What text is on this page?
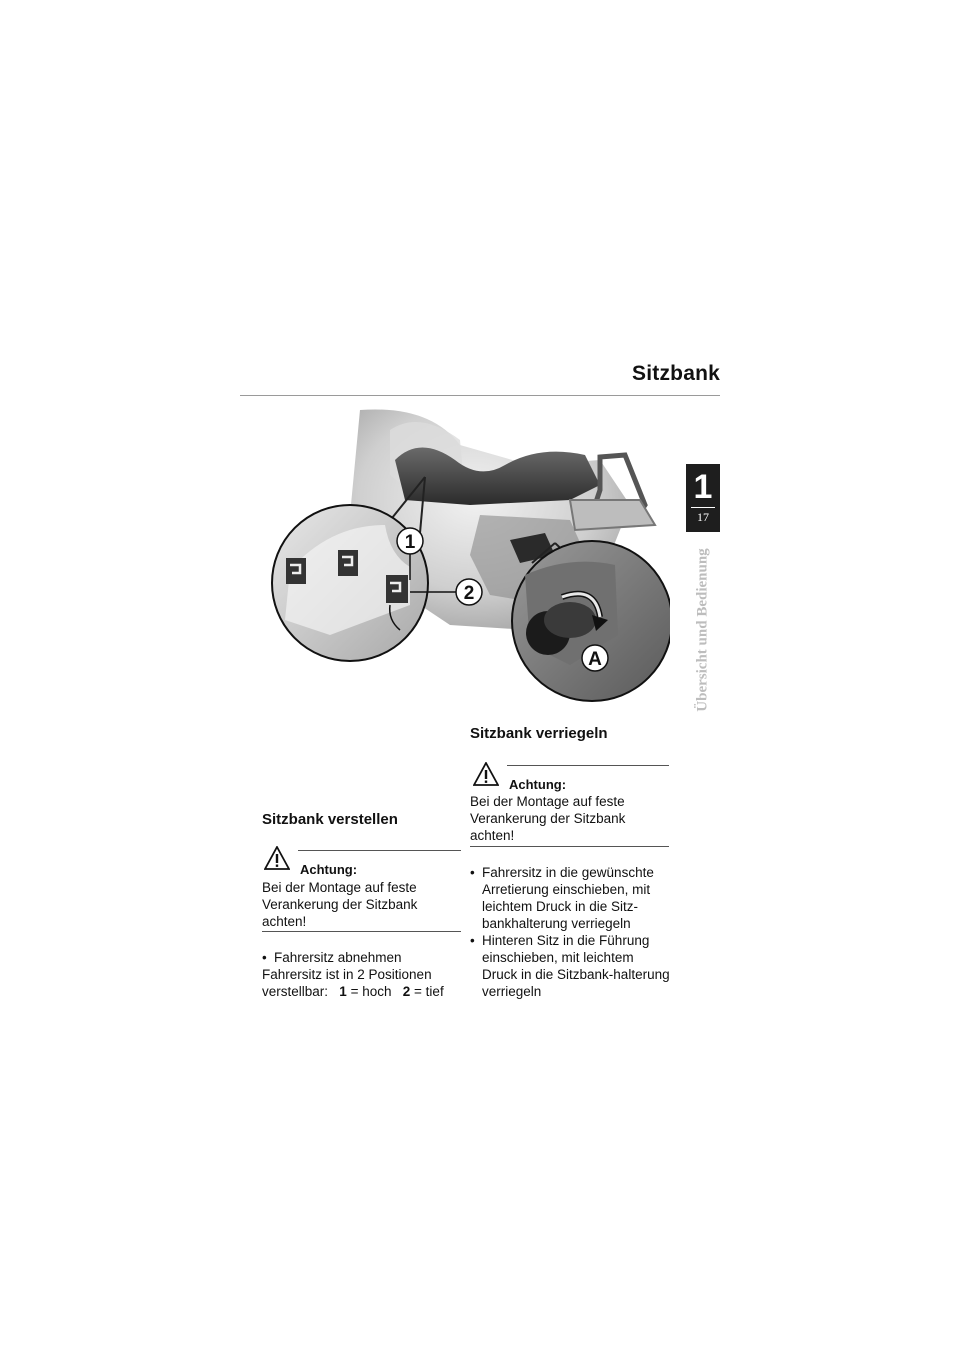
Sitzbank
1
17
Übersicht und Bedienung
1
2
A
Sitzbank verstellen
Achtung:

Bei der Montage auf feste Verankerung der Sitzbank achten!

• Fahrersitz abnehmen

Fahrersitz ist in 2 Positionen
verstellbar: 1 = hoch 2 = tief

Sitzbank verriegeln
Achtung:

Bei der Montage auf feste Verankerung der Sitzbank achten!

• Fahrersitz in die gewünschte Arretierung einschieben, mit leichtem Druck in die Sitz-bankhalterung verriegeln
• Hinteren Sitz in die Führung einschieben, mit leichtem Druck in die Sitzbank-halterung verriegeln
